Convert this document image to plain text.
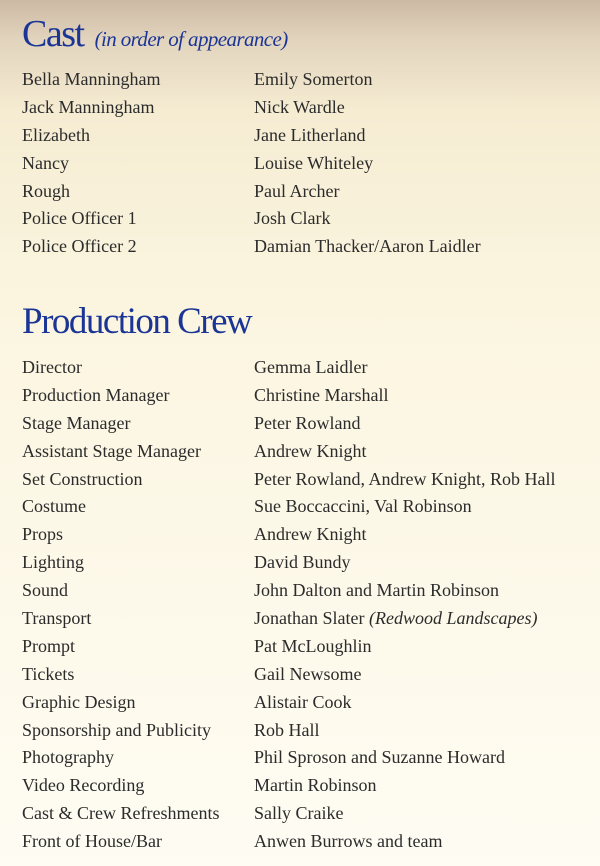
Cast (in order of appearance)
Bella Manningham	Emily Somerton
Jack Manningham	Nick Wardle
Elizabeth	Jane Litherland
Nancy	Louise Whiteley
Rough	Paul Archer
Police Officer 1	Josh Clark
Police Officer 2	Damian Thacker/Aaron Laidler
Production Crew
Director	Gemma Laidler
Production Manager	Christine Marshall
Stage Manager	Peter Rowland
Assistant Stage Manager	Andrew Knight
Set Construction	Peter Rowland, Andrew Knight, Rob Hall
Costume	Sue Boccaccini, Val Robinson
Props	Andrew Knight
Lighting	David Bundy
Sound	John Dalton and Martin Robinson
Transport	Jonathan Slater (Redwood Landscapes)
Prompt	Pat McLoughlin
Tickets	Gail Newsome
Graphic Design	Alistair Cook
Sponsorship and Publicity	Rob Hall
Photography	Phil Sproson and Suzanne Howard
Video Recording	Martin Robinson
Cast & Crew Refreshments	Sally Craike
Front of House/Bar	Anwen Burrows and team
